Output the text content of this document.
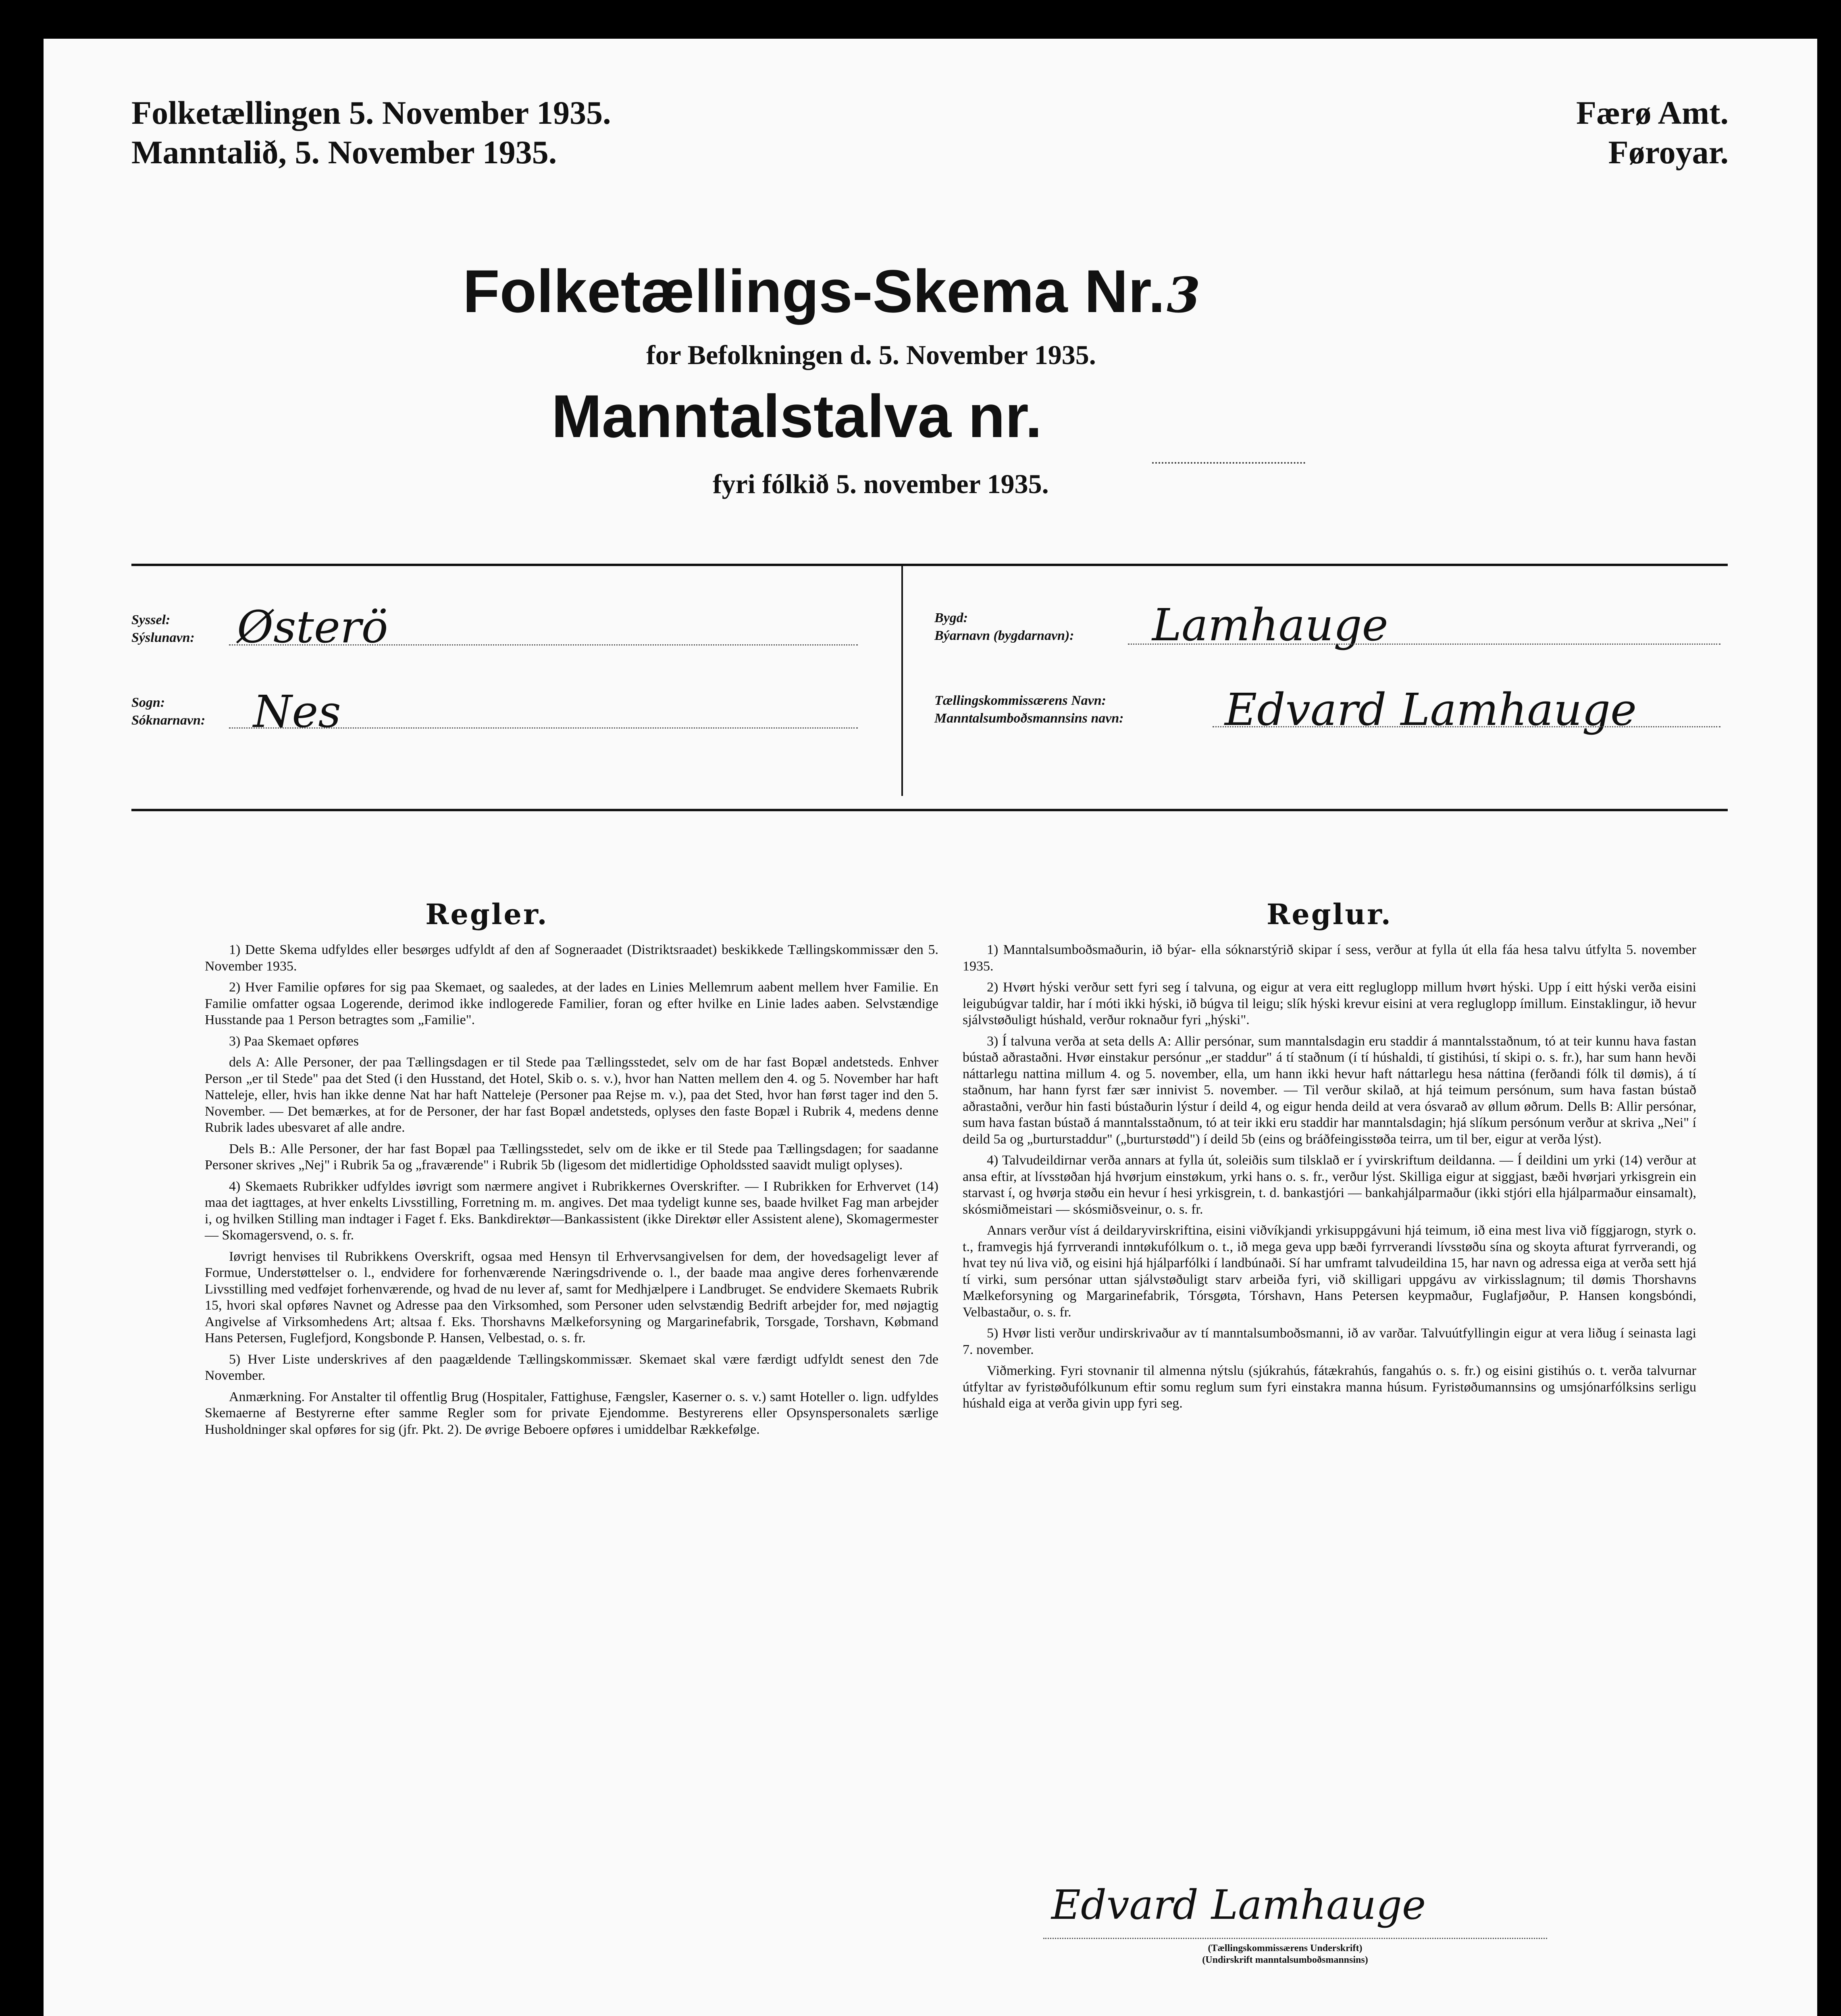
Folketællingen 5. November 1935.
Manntalið, 5. November 1935.
Færø Amt.
Føroyar.
Folketællings-Skema Nr.3
for Befolkningen d. 5. November 1935.
Manntalstalva nr.
fyri fólkið 5. november 1935.
Syssel:
Sýslunavn: Østerö
Sogn:
Sóknarnavn: Nes
Bygd:
Býarnavn (bygdarnavn): Lamhauge
Tællingskommissærens Navn:
Manntalsumboðsmannsins navn: Edvard Lamhauge
Regler.

1) Dette Skema udfyldes eller besørges udfyldt af den af Sogneraadet (Distriktsraadet) beskikkede Tællingskommissær den 5. November 1935.

2) Hver Familie opføres for sig paa Skemaet, og saaledes, at der lades en Linies Mellemrum aabent mellem hver Familie. En Familie omfatter ogsaa Logerende, derimod ikke indlogerede Familier, foran og efter hvilke en Linie lades aaben. Selvstændige Husstande paa 1 Person betragtes som „Familie".

3) Paa Skemaet opføres

dels A: Alle Personer, der paa Tællingsdagen er til Stede paa Tællingsstedet, selv om de har fast Bopæl andetsteds. Enhver Person „er til Stede" paa det Sted (i den Husstand, det Hotel, Skib o. s. v.), hvor han Natten mellem den 4. og 5. November har haft Natteleje, eller, hvis han ikke denne Nat har haft Natteleje (Personer paa Rejse m. v.), paa det Sted, hvor han først tager ind den 5. November. — Det bemærkes, at for de Personer, der har fast Bopæl andetsteds, oplyses den faste Bopæl i Rubrik 4, medens denne Rubrik lades ubesvaret af alle andre.

Dels B.: Alle Personer, der har fast Bopæl paa Tællingsstedet, selv om de ikke er til Stede paa Tællingsdagen; for saadanne Personer skrives „Nej" i Rubrik 5a og „fraværende" i Rubrik 5b (ligesom det midlertidige Opholdssted saavidt muligt oplyses).

4) Skemaets Rubrikker udfyldes iøvrigt som nærmere angivet i Rubrikkernes Overskrifter. — I Rubrikken for Erhvervet (14) maa det iagttages, at hver enkelts Livsstilling, Forretning m. m. angives. Det maa tydeligt kunne ses, baade hvilket Fag man arbejder i, og hvilken Stilling man indtager i Faget f. Eks. Bankdirektør—Bankassistent (ikke Direktør eller Assistent alene), Skomagermester — Skomagersvend, o. s. fr.

Iøvrigt henvises til Rubrikkens Overskrift, ogsaa med Hensyn til Erhvervsangivelsen for dem, der hovedsageligt lever af Formue, Understøttelser o. l., endvidere for forhenværende Næringsdrivende o. l., der baade maa angive deres forhenværende Livsstilling med vedføjet forhenværende, og hvad de nu lever af, samt for Medhjælpere i Landbruget. Se endvidere Skemaets Rubrik 15, hvori skal opføres Navnet og Adresse paa den Virksomhed, som Personer uden selvstændig Bedrift arbejder for, med nøjagtig Angivelse af Virksomhedens Art; altsaa f. Eks. Thorshavns Mælkeforsyning og Margarinefabrik, Torsgade, Torshavn, Købmand Hans Petersen, Fuglefjord, Kongsbonde P. Hansen, Velbestad, o. s. fr.

5) Hver Liste underskrives af den paagældende Tællingskommissær. Skemaet skal være færdigt udfyldt senest den 7de November.

Anmærkning. For Anstalter til offentlig Brug (Hospitaler, Fattighuse, Fængsler, Kaserner o. s. v.) samt Hoteller o. lign. udfyldes Skemaerne af Bestyrerne efter samme Regler som for private Ejendomme. Bestyrerens eller Opsynspersonalets særlige Husholdninger skal opføres for sig (jfr. Pkt. 2). De øvrige Beboere opføres i umiddelbar Rækkefølge.

Reglur.

1) Manntalsumboðsmaðurin, ið býar- ella sóknarstýrið skipar í sess, verður at fylla út ella fáa hesa talvu útfylta 5. november 1935.

2) Hvørt hýski verður sett fyri seg í talvuna, og eigur at vera eitt regluglopp millum hvørt hýski. Upp í eitt hýski verða eisini leigubúgvar taldir, har í móti ikki hýski, ið búgva til leigu; slík hýski krevur eisini at vera regluglopp ímillum. Einstaklingur, ið hevur sjálvstøðuligt húshald, verður roknaður fyri „hýski".

3) Í talvuna verða at seta dells A: Allir persónar, sum manntalsdagin eru staddir á manntalsstaðnum, tó at teir kunnu hava fastan bústað aðrastaðni. Hvør einstakur persónur „er staddur" á tí staðnum (í tí húshaldi, tí gistihúsi, tí skipi o. s. fr.), har sum hann hevði náttarlegu nattina millum 4. og 5. november, ella, um hann ikki hevur haft náttarlegu hesa náttina (ferðandi fólk til dømis), á tí staðnum, har hann fyrst fær sær innivist 5. november. — Til verður skilað, at hjá teimum persónum, sum hava fastan bústað aðrastaðni, verður hin fasti bústaðurin lýstur í deild 4, og eigur henda deild at vera ósvarað av øllum øðrum. Dells B: Allir persónar, sum hava fastan bústað á manntalsstaðnum, tó at teir ikki eru staddir har manntalsdagin; hjá slíkum persónum verður at skriva „Nei" í deild 5a og „burturstaddur" („burturstødd") í deild 5b (eins og bráðfeingisstøða teirra, um til ber, eigur at verða lýst).

4) Talvudeildirnar verða annars at fylla út, soleiðis sum tilsklað er í yvirskriftum deildanna. — Í deildini um yrki (14) verður at ansa eftir, at lívsstøðan hjá hvørjum einstøkum, yrki hans o. s. fr., verður lýst. Skilliga eigur at siggjast, bæði hvørjari yrkisgrein ein starvast í, og hvørja støðu ein hevur í hesi yrkisgrein, t. d. bankastjóri — bankahjálparmaður (ikki stjóri ella hjálparmaður einsamalt), skósmiðmeistari — skósmiðsveinur, o. s. fr.

Annars verður víst á deildaryvirskriftina, eisini viðvíkjandi yrkisuppgávuni hjá teimum, ið eina mest liva við fíggjarogn, styrk o. t., framvegis hjá fyrrverandi inntøkufólkum o. t., ið mega geva upp bæði fyrrverandi lívsstøðu sína og skoyta afturat fyrrverandi, og hvat tey nú liva við, og eisini hjá hjálparfólki í landbúnaði. Sí har umframt talvudeildina 15, har navn og adressa eiga at verða sett hjá tí virki, sum persónar uttan sjálvstøðuligt starv arbeiða fyri, við skilligari uppgávu av virkisslagnum; til dømis Thorshavns Mælkeforsyning og Margarinefabrik, Tórsgøta, Tórshavn, Hans Petersen keypmaður, Fuglafjøður, P. Hansen kongsbóndi, Velbastaður, o. s. fr.

5) Hvør listi verður undirskrivaður av tí manntalsumboðsmanni, ið av varðar. Talvuútfyllingin eigur at vera liðug í seinasta lagi 7. november.

Viðmerking. Fyri stovnanir til almenna nýtslu (sjúkrahús, fátækrahús, fangahús o. s. fr.) og eisini gistihús o. t. verða talvurnar útfyltar av fyristøðufólkunum eftir somu reglum sum fyri einstakra manna húsum. Fyristøðumannsins og umsjónarfólksins serligu húshald eiga at verða givin upp fyri seg.

Edvard Lamhauge
(Tællingskommissærens Underskrift)
(Undirskrift manntalsumboðsmannsins)
